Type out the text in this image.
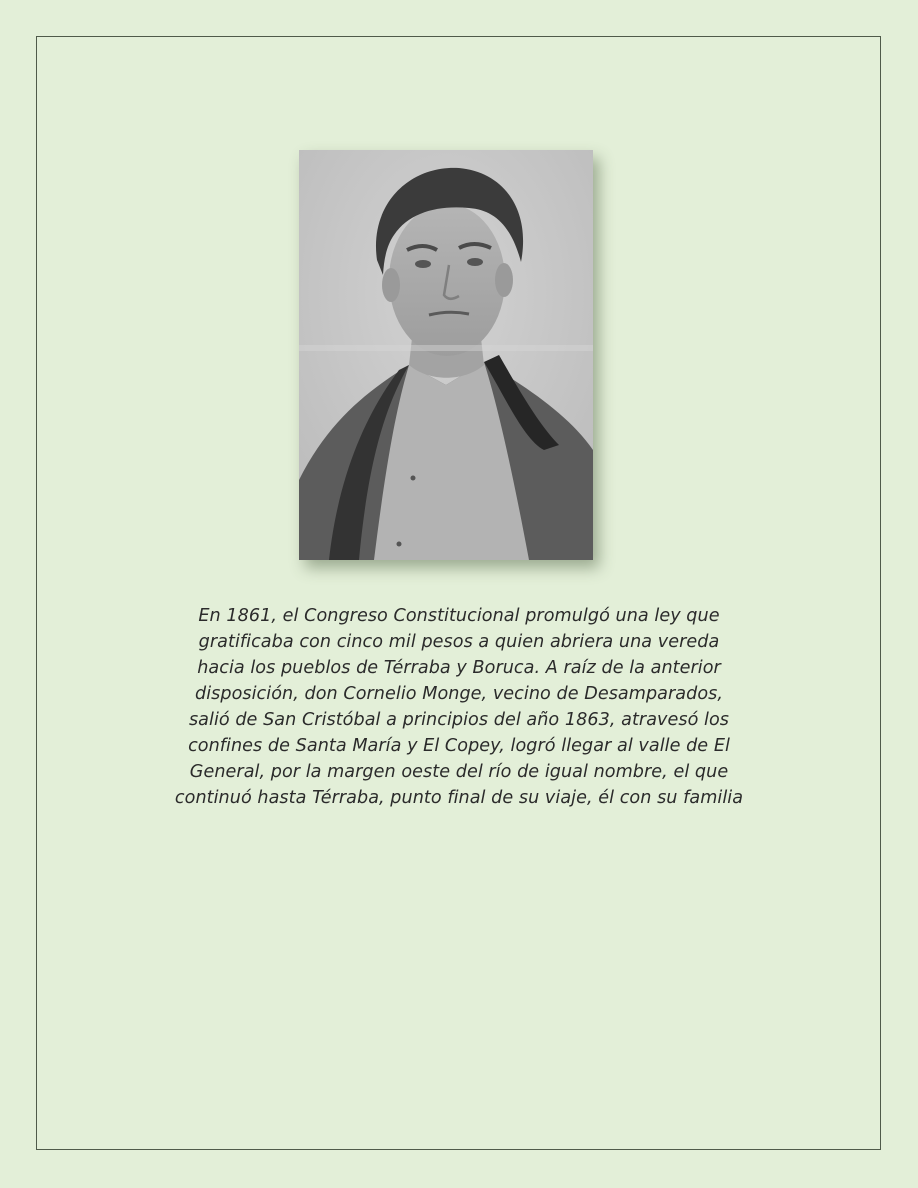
En 1861, el Congreso Constitucional promulgó una ley que
gratificaba con cinco mil pesos a quien abriera una vereda
hacia los pueblos de Térraba y Boruca. A raíz de la anterior
disposición, don Cornelio Monge, vecino de Desamparados,
salió de San Cristóbal a principios del año 1863, atravesó los
confines de Santa María y El Copey, logró llegar al valle de El
General, por la margen oeste del río de igual nombre, el que
continuó hasta Térraba, punto final de su viaje, él con su familia
